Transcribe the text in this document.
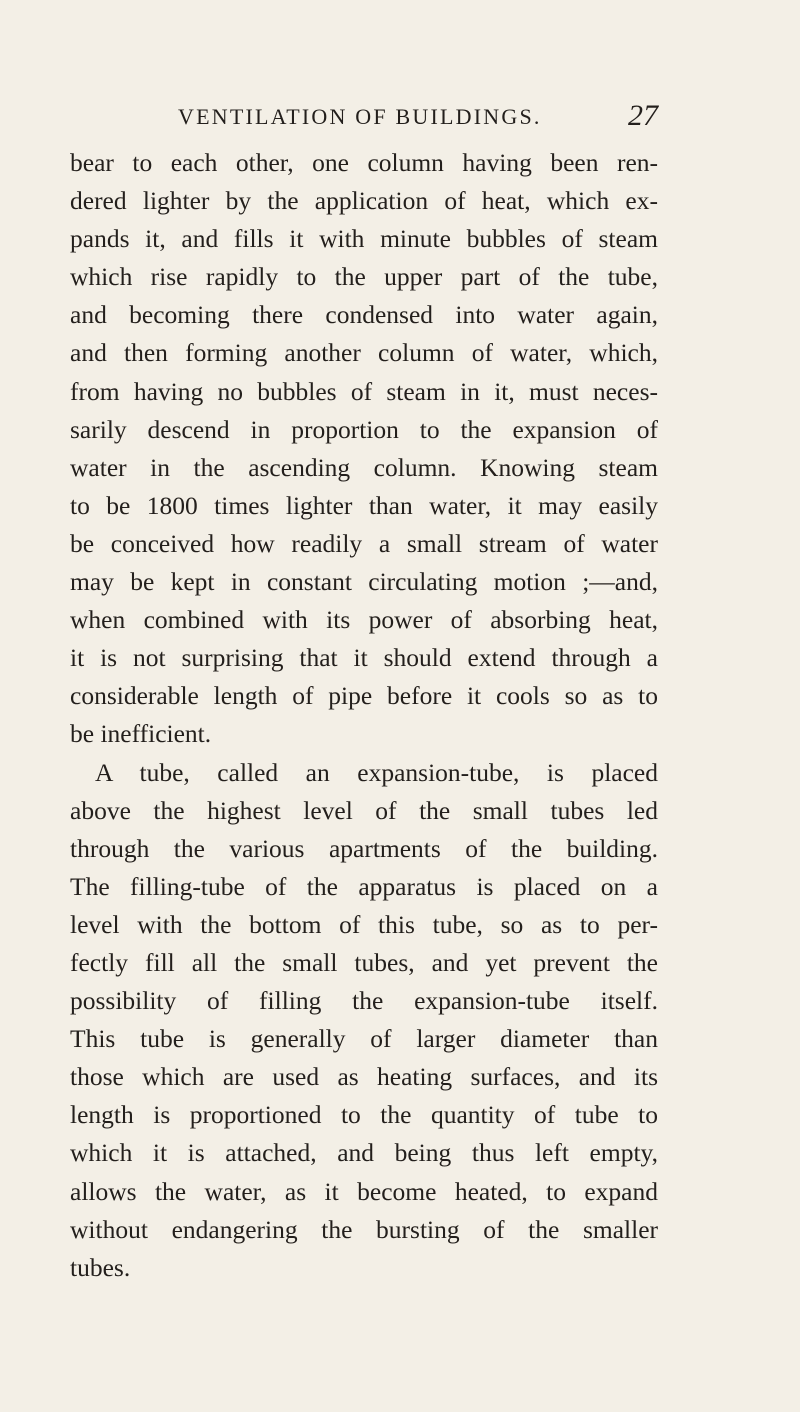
VENTILATION OF BUILDINGS.	27
bear to each other, one column having been ren-
dered lighter by the application of heat, which ex-
pands it, and fills it with minute bubbles of steam
which rise rapidly to the upper part of the tube,
and becoming there condensed into water again,
and then forming another column of water, which,
from having no bubbles of steam in it, must neces-
sarily descend in proportion to the expansion of
water in the ascending column. Knowing steam
to be 1800 times lighter than water, it may easily
be conceived how readily a small stream of water
may be kept in constant circulating motion ;—and,
when combined with its power of absorbing heat,
it is not surprising that it should extend through a
considerable length of pipe before it cools so as to
be inefficient.
A tube, called an expansion-tube, is placed
above the highest level of the small tubes led
through the various apartments of the building.
The filling-tube of the apparatus is placed on a
level with the bottom of this tube, so as to per-
fectly fill all the small tubes, and yet prevent the
possibility of filling the expansion-tube itself.
This tube is generally of larger diameter than
those which are used as heating surfaces, and its
length is proportioned to the quantity of tube to
which it is attached, and being thus left empty,
allows the water, as it become heated, to expand
without endangering the bursting of the smaller
tubes.
